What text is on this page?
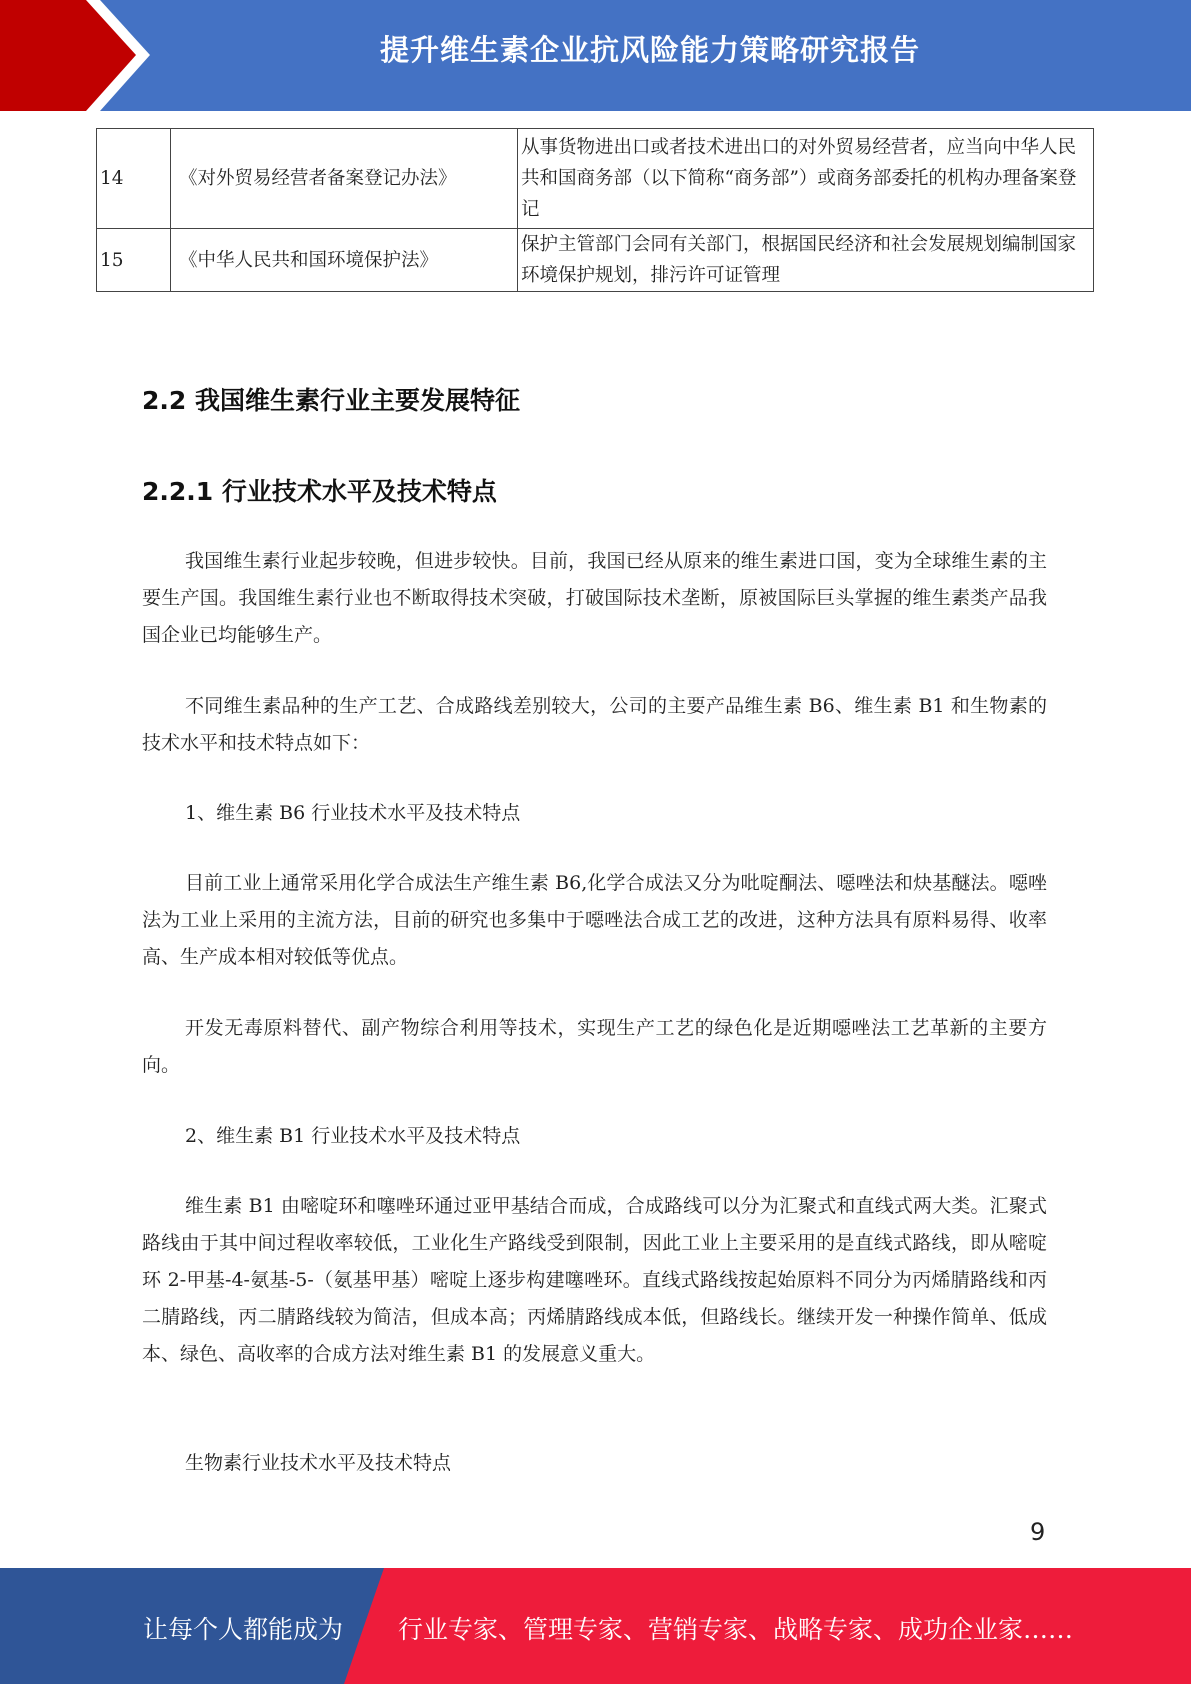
提升维生素企业抗风险能力策略研究报告
14	《对外贸易经营者备案登记办法》	从事货物进出口或者技术进出口的对外贸易经营者，应当向中华人民共和国商务部（以下简称“商务部”）或商务部委托的机构办理备案登记
15	《中华人民共和国环境保护法》	保护主管部门会同有关部门，根据国民经济和社会发展规划编制国家环境保护规划，排污许可证管理
2.2 我国维生素行业主要发展特征
2.2.1 行业技术水平及技术特点
我国维生素行业起步较晚，但进步较快。目前，我国已经从原来的维生素进口国，变为全球维生素的主要生产国。我国维生素行业也不断取得技术突破，打破国际技术垄断，原被国际巨头掌握的维生素类产品我国企业已均能够生产。
不同维生素品种的生产工艺、合成路线差别较大，公司的主要产品维生素 B6、维生素 B1 和生物素的技术水平和技术特点如下：
1、维生素 B6 行业技术水平及技术特点
目前工业上通常采用化学合成法生产维生素 B6,化学合成法又分为吡啶酮法、噁唑法和炔基醚法。噁唑法为工业上采用的主流方法，目前的研究也多集中于噁唑法合成工艺的改进，这种方法具有原料易得、收率高、生产成本相对较低等优点。
开发无毒原料替代、副产物综合利用等技术，实现生产工艺的绿色化是近期噁唑法工艺革新的主要方向。
2、维生素 B1 行业技术水平及技术特点
维生素 B1 由嘧啶环和噻唑环通过亚甲基结合而成，合成路线可以分为汇聚式和直线式两大类。汇聚式路线由于其中间过程收率较低，工业化生产路线受到限制，因此工业上主要采用的是直线式路线，即从嘧啶环 2-甲基-4-氨基-5-（氨基甲基）嘧啶上逐步构建噻唑环。直线式路线按起始原料不同分为丙烯腈路线和丙二腈路线，丙二腈路线较为简洁，但成本高；丙烯腈路线成本低，但路线长。继续开发一种操作简单、低成本、绿色、高收率的合成方法对维生素 B1 的发展意义重大。
生物素行业技术水平及技术特点
9
让每个人都能成为 行业专家、管理专家、营销专家、战略专家、成功企业家……
